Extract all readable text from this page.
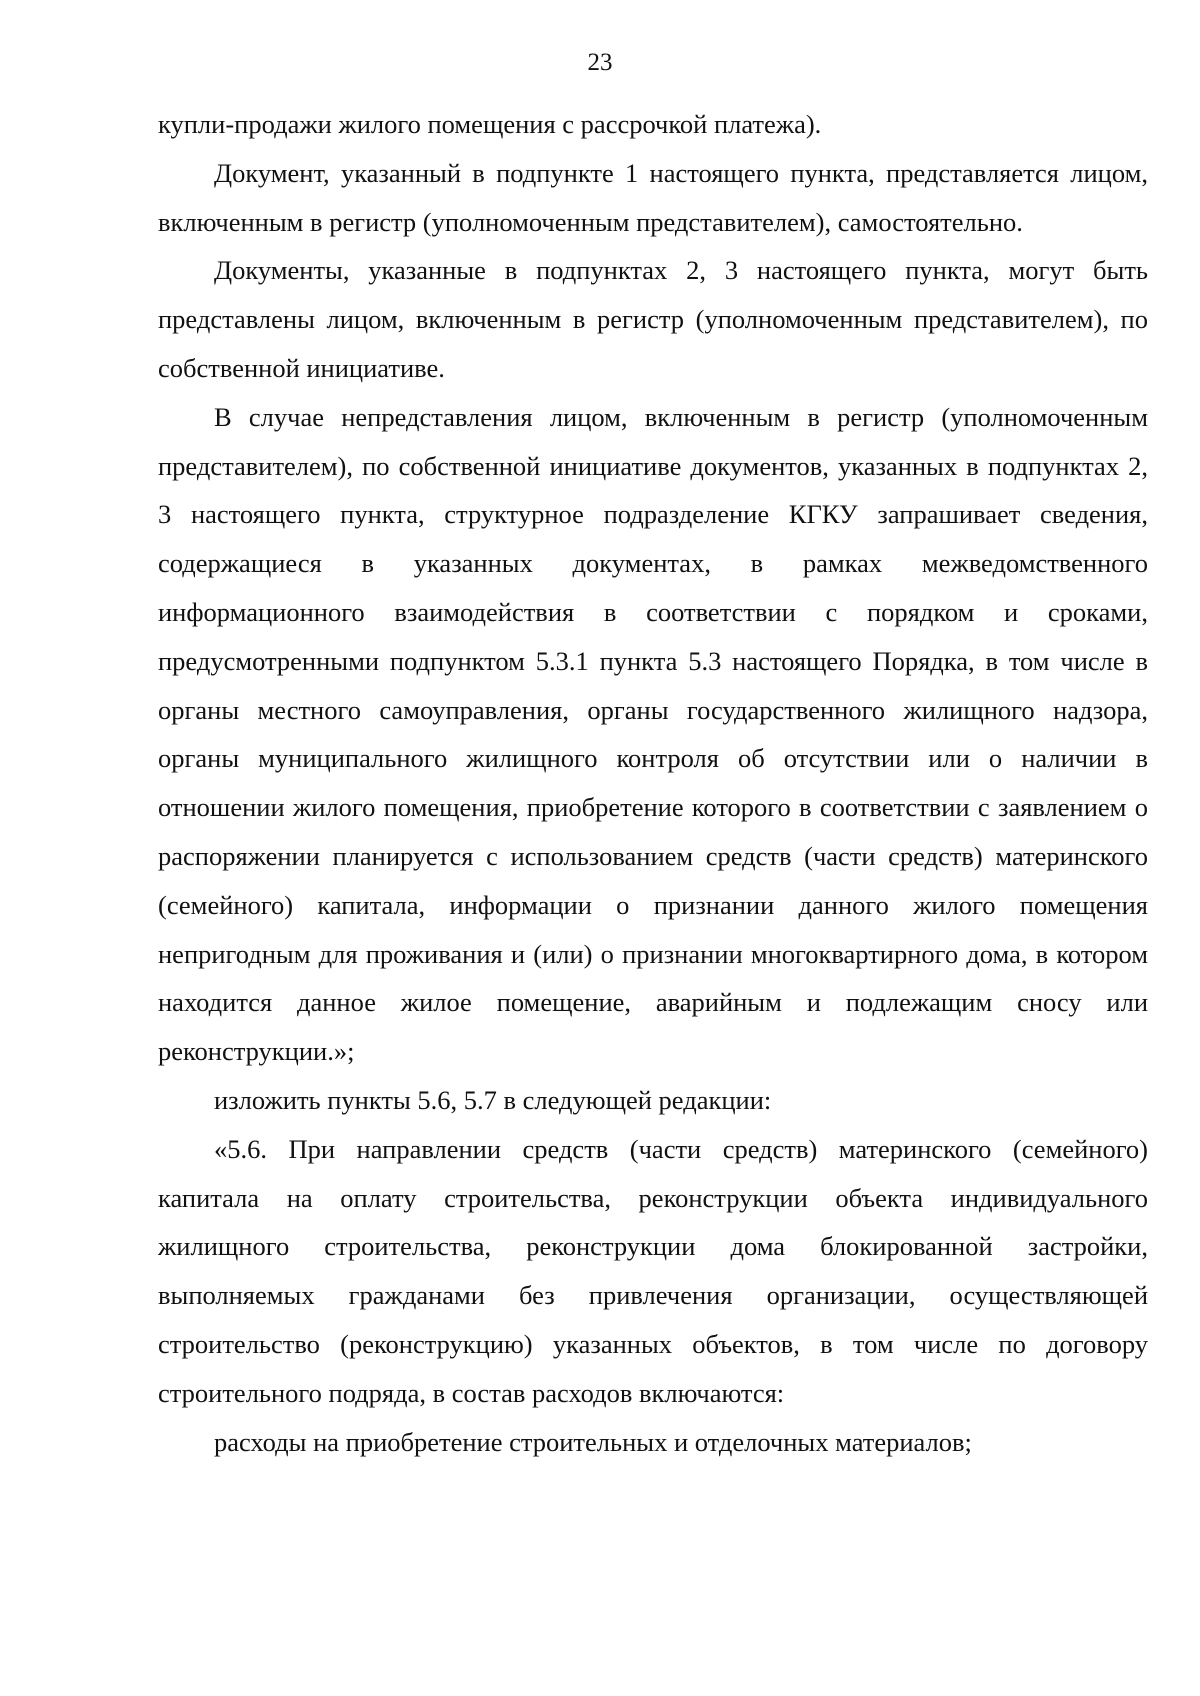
23

купли-продажи жилого помещения с рассрочкой платежа).

Документ, указанный в подпункте 1 настоящего пункта, представляется лицом, включенным в регистр (уполномоченным представителем), самостоятельно.

Документы, указанные в подпунктах 2, 3 настоящего пункта, могут быть представлены лицом, включенным в регистр (уполномоченным представителем), по собственной инициативе.

В случае непредставления лицом, включенным в регистр (уполномоченным представителем), по собственной инициативе документов, указанных в подпунктах 2, 3 настоящего пункта, структурное подразделение КГКУ запрашивает сведения, содержащиеся в указанных документах, в рамках межведомственного информационного взаимодействия в соответствии с порядком и сроками, предусмотренными подпунктом 5.3.1 пункта 5.3 настоящего Порядка, в том числе в органы местного самоуправления, органы государственного жилищного надзора, органы муниципального жилищного контроля об отсутствии или о наличии в отношении жилого помещения, приобретение которого в соответствии с заявлением о распоряжении планируется с использованием средств (части средств) материнского (семейного) капитала, информации о признании данного жилого помещения непригодным для проживания и (или) о признании многоквартирного дома, в котором находится данное жилое помещение, аварийным и подлежащим сносу или реконструкции.»;

изложить пункты 5.6, 5.7 в следующей редакции:

«5.6. При направлении средств (части средств) материнского (семейного) капитала на оплату строительства, реконструкции объекта индивидуального жилищного строительства, реконструкции дома блокированной застройки, выполняемых гражданами без привлечения организации, осуществляющей строительство (реконструкцию) указанных объектов, в том числе по договору строительного подряда, в состав расходов включаются:

расходы на приобретение строительных и отделочных материалов;
